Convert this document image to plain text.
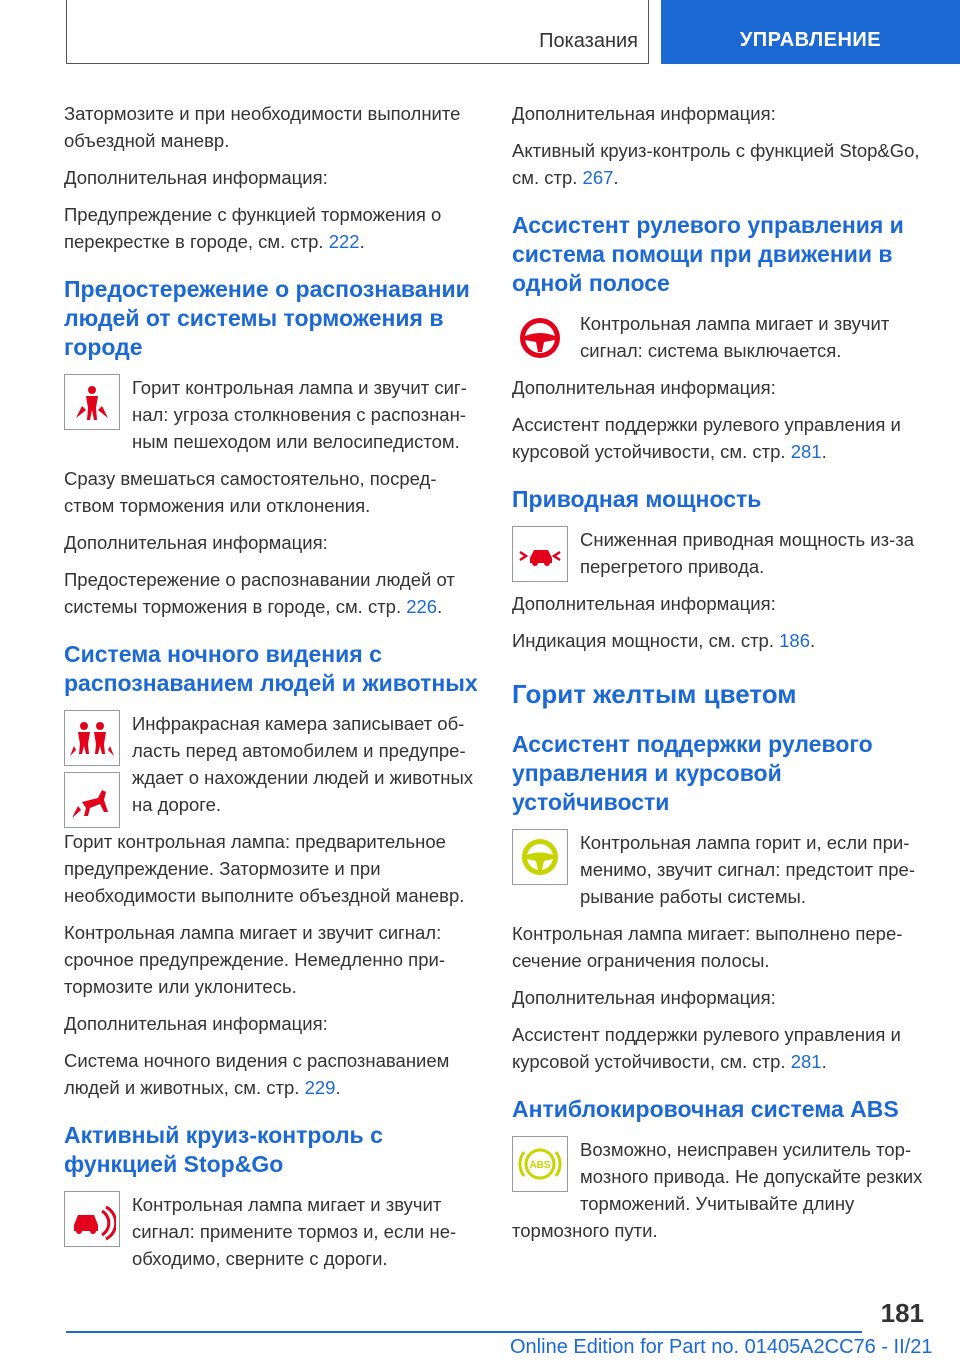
Показания	УПРАВЛЕНИЕ

Затормозите и при необходимости выполните объездной маневр.

Дополнительная информация:

Предупреждение с функцией торможения о перекрестке в городе, см. стр. 222.

Предостережение о распознавании людей от системы торможения в городе

Горит контрольная лампа и звучит сигнал: угроза столкновения с распознанным пешеходом или велосипедистом.

Сразу вмешаться самостоятельно, посредством торможения или отклонения.

Дополнительная информация:

Предостережение о распознавании людей от системы торможения в городе, см. стр. 226.

Система ночного видения с распознаванием людей и животных

Инфракрасная камера записывает область перед автомобилем и предупреждает о нахождении людей и животных на дороге.

Горит контрольная лампа: предварительное предупреждение. Затормозите и при необходимости выполните объездной маневр.

Контрольная лампа мигает и звучит сигнал: срочное предупреждение. Немедленно притормозите или уклонитесь.

Дополнительная информация:

Система ночного видения с распознаванием людей и животных, см. стр. 229.

Активный круиз-контроль с функцией Stop&Go

Контрольная лампа мигает и звучит сигнал: примените тормоз и, если необходимо, сверните с дороги.

Дополнительная информация:

Активный круиз-контроль с функцией Stop&Go, см. стр. 267.

Ассистент рулевого управления и система помощи при движении в одной полосе

Контрольная лампа мигает и звучит сигнал: система выключается.

Дополнительная информация:

Ассистент поддержки рулевого управления и курсовой устойчивости, см. стр. 281.

Приводная мощность

Сниженная приводная мощность из-за перегретого привода.

Дополнительная информация:

Индикация мощности, см. стр. 186.

Горит желтым цветом
Ассистент поддержки рулевого управления и курсовой устойчивости

Контрольная лампа горит и, если применимо, звучит сигнал: предстоит прерывание работы системы.

Контрольная лампа мигает: выполнено пересечение ограничения полосы.

Дополнительная информация:

Ассистент поддержки рулевого управления и курсовой устойчивости, см. стр. 281.

Антиблокировочная система ABS
ABS

Возможно, неисправен усилитель тормозного привода. Не допускайте резких торможений. Учитывайте длину тормозного пути.

181
Online Edition for Part no. 01405A2CC76 - II/21
